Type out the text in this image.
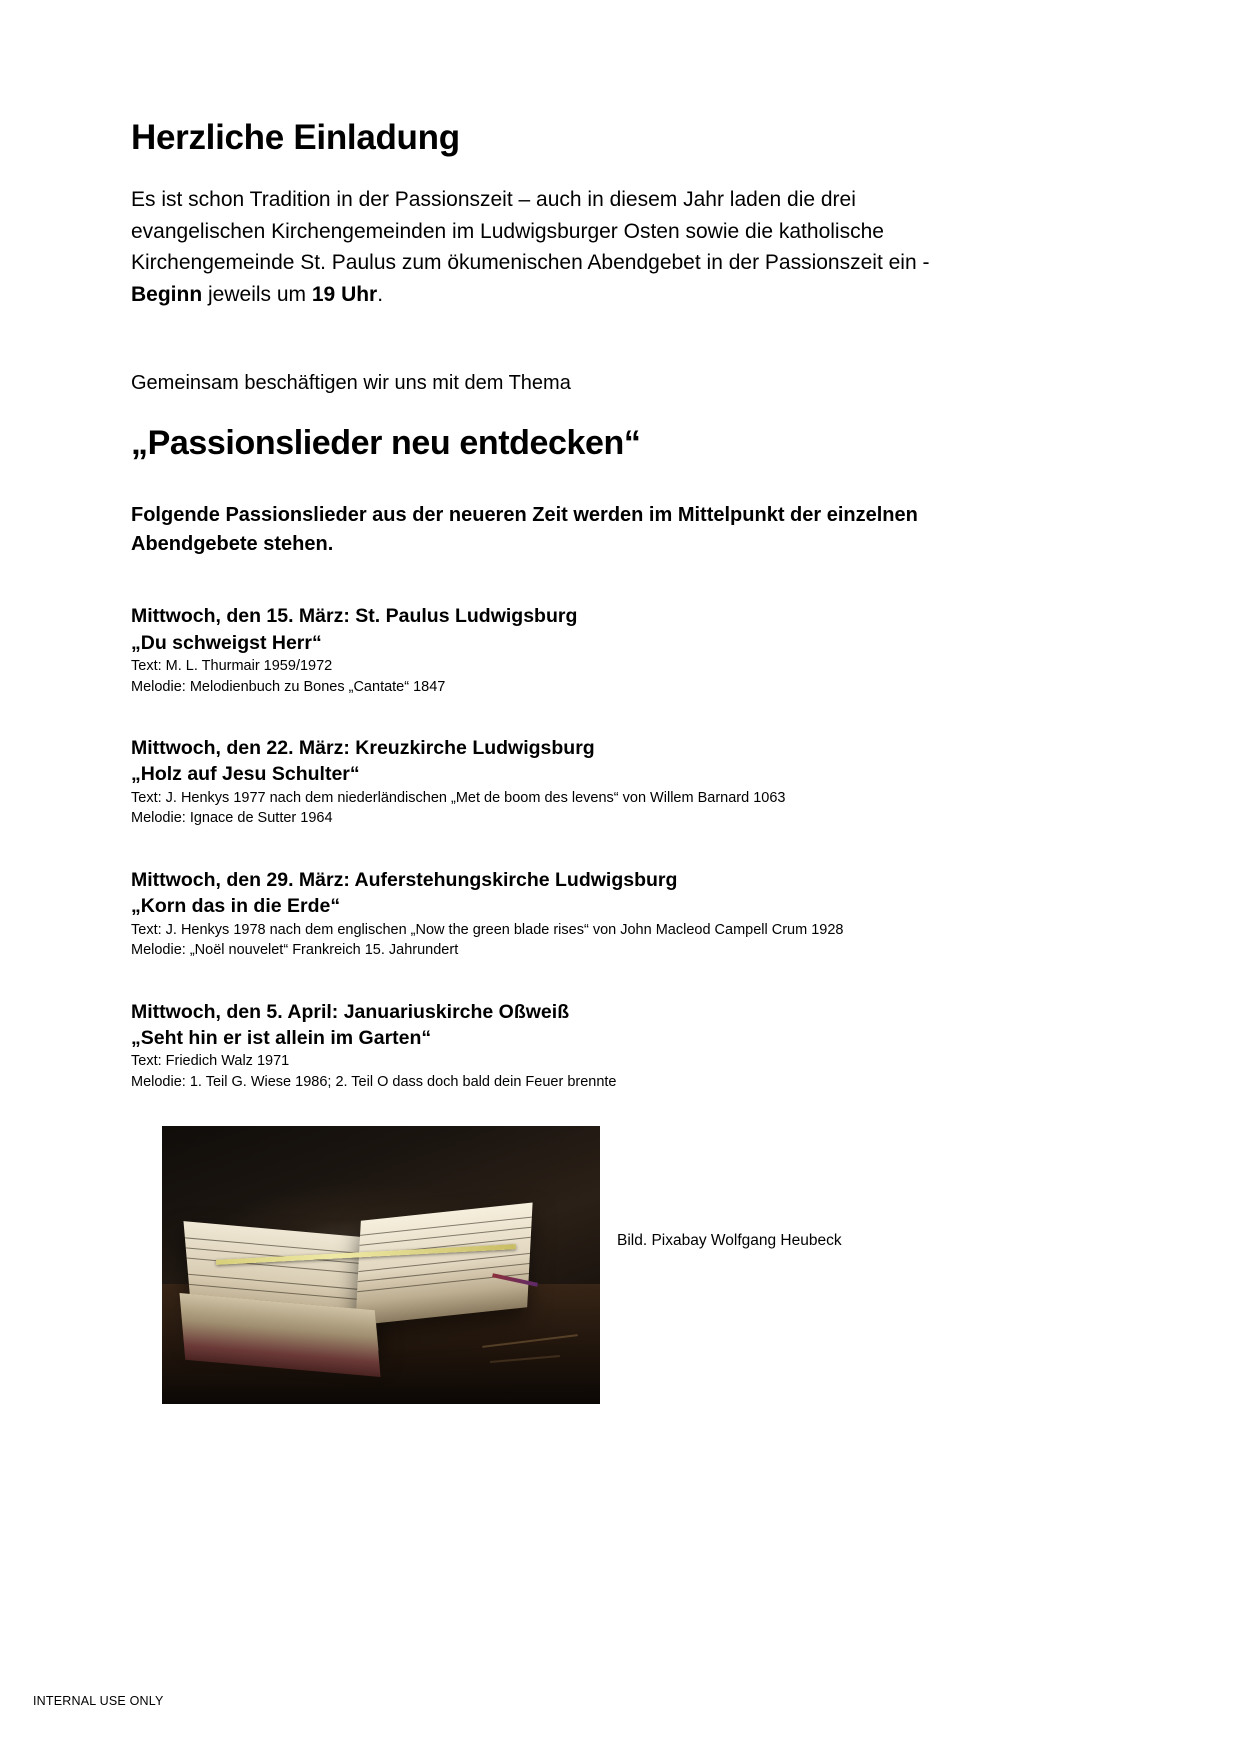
Herzliche Einladung

Es ist schon Tradition in der Passionszeit – auch in diesem Jahr laden die drei evangelischen Kirchengemeinden im Ludwigsburger Osten sowie die katholische Kirchengemeinde St. Paulus zum ökumenischen Abendgebet in der Passionszeit ein - Beginn jeweils um 19 Uhr.

Gemeinsam beschäftigen wir uns mit dem Thema

„Passionslieder neu entdecken“

Folgende Passionslieder aus der neueren Zeit werden im Mittelpunkt der einzelnen Abendgebete stehen.

Mittwoch, den 15. März: St. Paulus Ludwigsburg
„Du schweigst Herr“
Text: M. L. Thurmair 1959/1972
Melodie: Melodienbuch zu Bones „Cantate“ 1847
Mittwoch, den 22. März: Kreuzkirche Ludwigsburg
„Holz auf Jesu Schulter“
Text: J. Henkys 1977 nach dem niederländischen „Met de boom des levens“ von Willem Barnard 1063
Melodie: Ignace de Sutter 1964
Mittwoch, den 29. März: Auferstehungskirche Ludwigsburg
„Korn das in die Erde“
Text: J. Henkys 1978 nach dem englischen „Now the green blade rises“ von John Macleod Campell Crum 1928
Melodie: „Noël nouvelet“ Frankreich 15. Jahrundert
Mittwoch, den 5. April: Januariuskirche Oßweiß
„Seht hin er ist allein im Garten“
Text: Friedich Walz 1971
Melodie: 1. Teil G. Wiese 1986; 2. Teil O dass doch bald dein Feuer brennte
Bild. Pixabay Wolfgang Heubeck
INTERNAL USE ONLY
